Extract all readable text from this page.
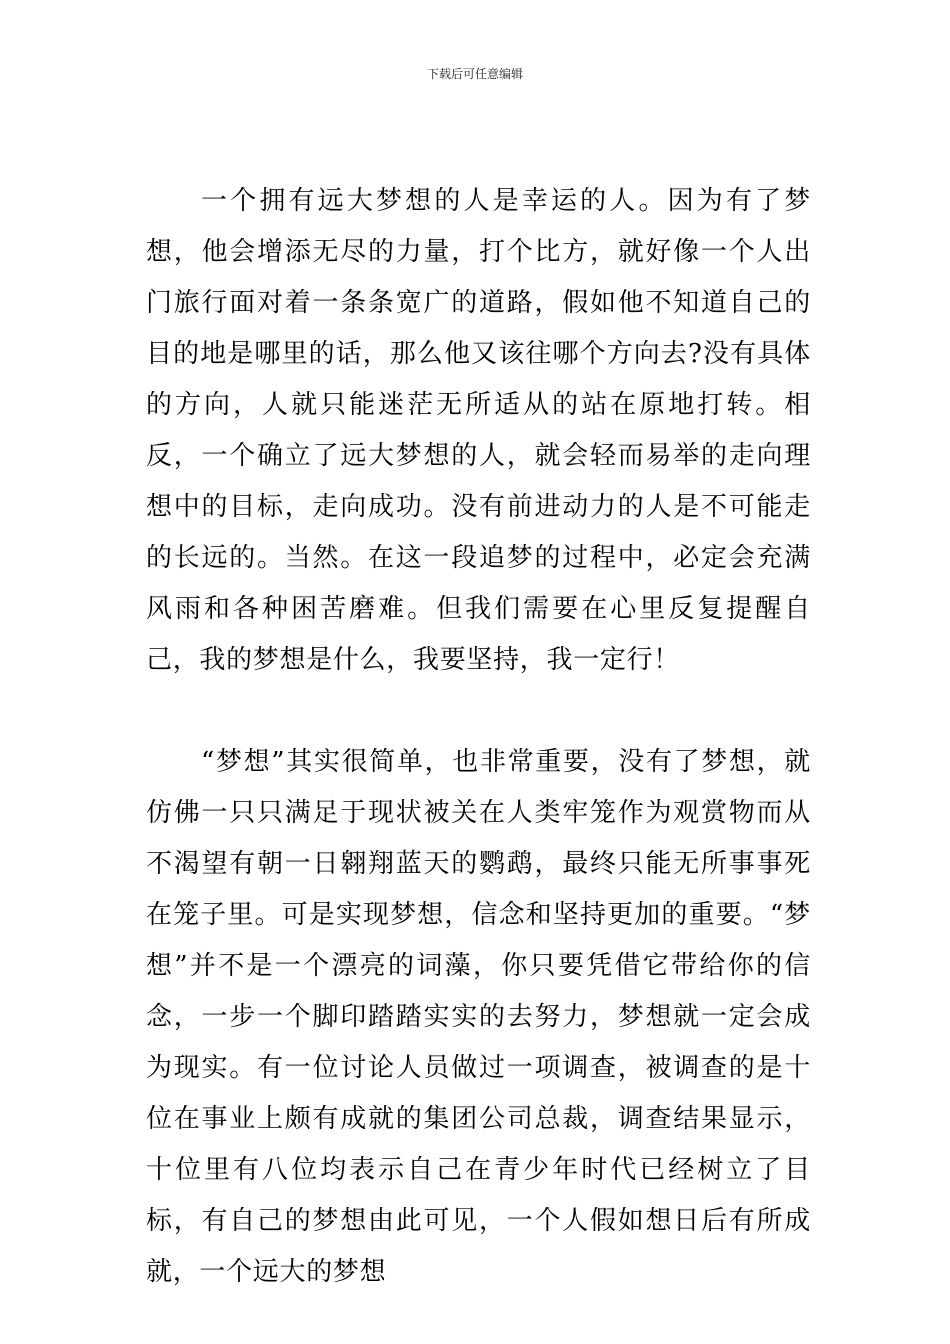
下载后可任意编辑

一个拥有远大梦想的人是幸运的人。因为有了梦想，他会增添无尽的力量，打个比方，就好像一个人出门旅行面对着一条条宽广的道路，假如他不知道自己的目的地是哪里的话，那么他又该往哪个方向去?没有具体的方向，人就只能迷茫无所适从的站在原地打转。相反，一个确立了远大梦想的人，就会轻而易举的走向理想中的目标，走向成功。没有前进动力的人是不可能走的长远的。当然。在这一段追梦的过程中，必定会充满风雨和各种困苦磨难。但我们需要在心里反复提醒自己，我的梦想是什么，我要坚持，我一定行！

“梦想”其实很简单，也非常重要，没有了梦想，就仿佛一只只满足于现状被关在人类牢笼作为观赏物而从不渴望有朝一日翱翔蓝天的鹦鹉，最终只能无所事事死在笼子里。可是实现梦想，信念和坚持更加的重要。“梦想”并不是一个漂亮的词藻，你只要凭借它带给你的信念，一步一个脚印踏踏实实的去努力，梦想就一定会成为现实。有一位讨论人员做过一项调查，被调查的是十位在事业上颇有成就的集团公司总裁，调查结果显示，十位里有八位均表示自己在青少年时代已经树立了目标，有自己的梦想由此可见，一个人假如想日后有所成就，一个远大的梦想
